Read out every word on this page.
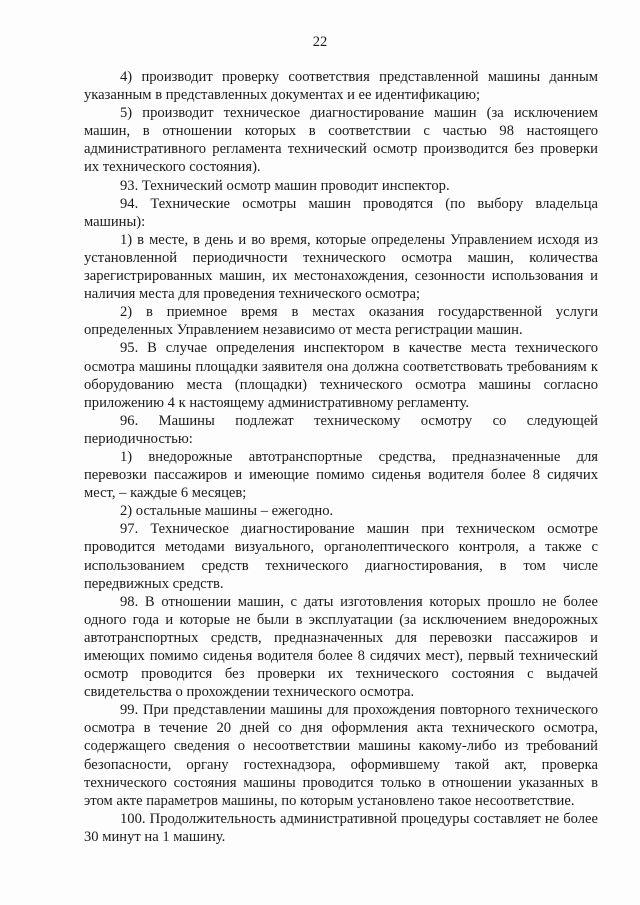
22

4) производит проверку соответствия представленной машины данным указанным в представленных документах и ее идентификацию;

5) производит техническое диагностирование машин (за исключением машин, в отношении которых в соответствии с частью 98 настоящего административного регламента технический осмотр производится без проверки их технического состояния).

93. Технический осмотр машин проводит инспектор.

94. Технические осмотры машин проводятся (по выбору владельца машины):

1) в месте, в день и во время, которые определены Управлением исходя из установленной периодичности технического осмотра машин, количества зарегистрированных машин, их местонахождения, сезонности использования и наличия места для проведения технического осмотра;

2) в приемное время в местах оказания государственной услуги определенных Управлением независимо от места регистрации машин.

95. В случае определения инспектором в качестве места технического осмотра машины площадки заявителя она должна соответствовать требованиям к оборудованию места (площадки) технического осмотра машины согласно приложению 4 к настоящему административному регламенту.

96. Машины подлежат техническому осмотру со следующей периодичностью:

1) внедорожные автотранспортные средства, предназначенные для перевозки пассажиров и имеющие помимо сиденья водителя более 8 сидячих мест, – каждые 6 месяцев;

2) остальные машины – ежегодно.

97. Техническое диагностирование машин при техническом осмотре проводится методами визуального, органолептического контроля, а также с использованием средств технического диагностирования, в том числе передвижных средств.

98. В отношении машин, с даты изготовления которых прошло не более одного года и которые не были в эксплуатации (за исключением внедорожных автотранспортных средств, предназначенных для перевозки пассажиров и имеющих помимо сиденья водителя более 8 сидячих мест), первый технический осмотр проводится без проверки их технического состояния с выдачей свидетельства о прохождении технического осмотра.

99. При представлении машины для прохождения повторного технического осмотра в течение 20 дней со дня оформления акта технического осмотра, содержащего сведения о несоответствии машины какому-либо из требований безопасности, органу гостехнадзора, оформившему такой акт, проверка технического состояния машины проводится только в отношении указанных в этом акте параметров машины, по которым установлено такое несоответствие.

100. Продолжительность административной процедуры составляет не более 30 минут на 1 машину.
